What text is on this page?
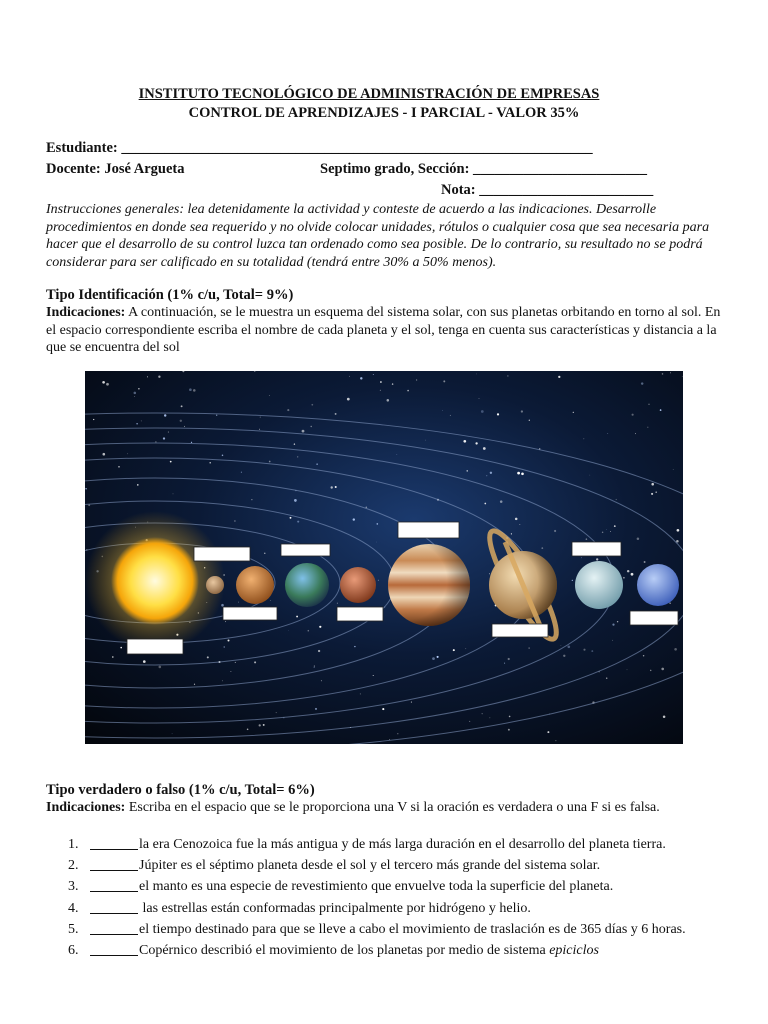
INSTITUTO TECNOLÓGICO DE ADMINISTRACIÓN DE EMPRESAS
CONTROL DE APRENDIZAJES - I PARCIAL - VALOR 35%
Estudiante: _________________________________________________________________
Docente: José Argueta	Septimo grado, Sección: ________________________
Nota: ________________________
Instrucciones generales: lea detenidamente la actividad y conteste de acuerdo a las indicaciones. Desarrolle procedimientos en donde sea requerido y no olvide colocar unidades, rótulos o cualquier cosa que sea necesaria para hacer que el desarrollo de su control luzca tan ordenado como sea posible. De lo contrario, su resultado no se podrá considerar para ser calificado en su totalidad (tendrá entre 30% a 50% menos).
Tipo Identificación (1% c/u, Total= 9%)
Indicaciones: A continuación, se le muestra un esquema del sistema solar, con sus planetas orbitando en torno al sol. En el espacio correspondiente escriba el nombre de cada planeta y el sol, tenga en cuenta sus características y distancia a la que se encuentra del sol
Tipo verdadero o falso (1% c/u, Total= 6%)
Indicaciones: Escriba en el espacio que se le proporciona una V si la oración es verdadera o una F si es falsa.
1.	la era Cenozoica fue la más antigua y de más larga duración en el desarrollo del planeta tierra.
2.	Júpiter es el séptimo planeta desde el sol y el tercero más grande del sistema solar.
3.	el manto es una especie de revestimiento que envuelve toda la superficie del planeta.
4.	las estrellas están conformadas principalmente por hidrógeno y helio.
5.	el tiempo destinado para que se lleve a cabo el movimiento de traslación es de 365 días y 6 horas.
6.	Copérnico describió el movimiento de los planetas por medio de sistema epiciclos
